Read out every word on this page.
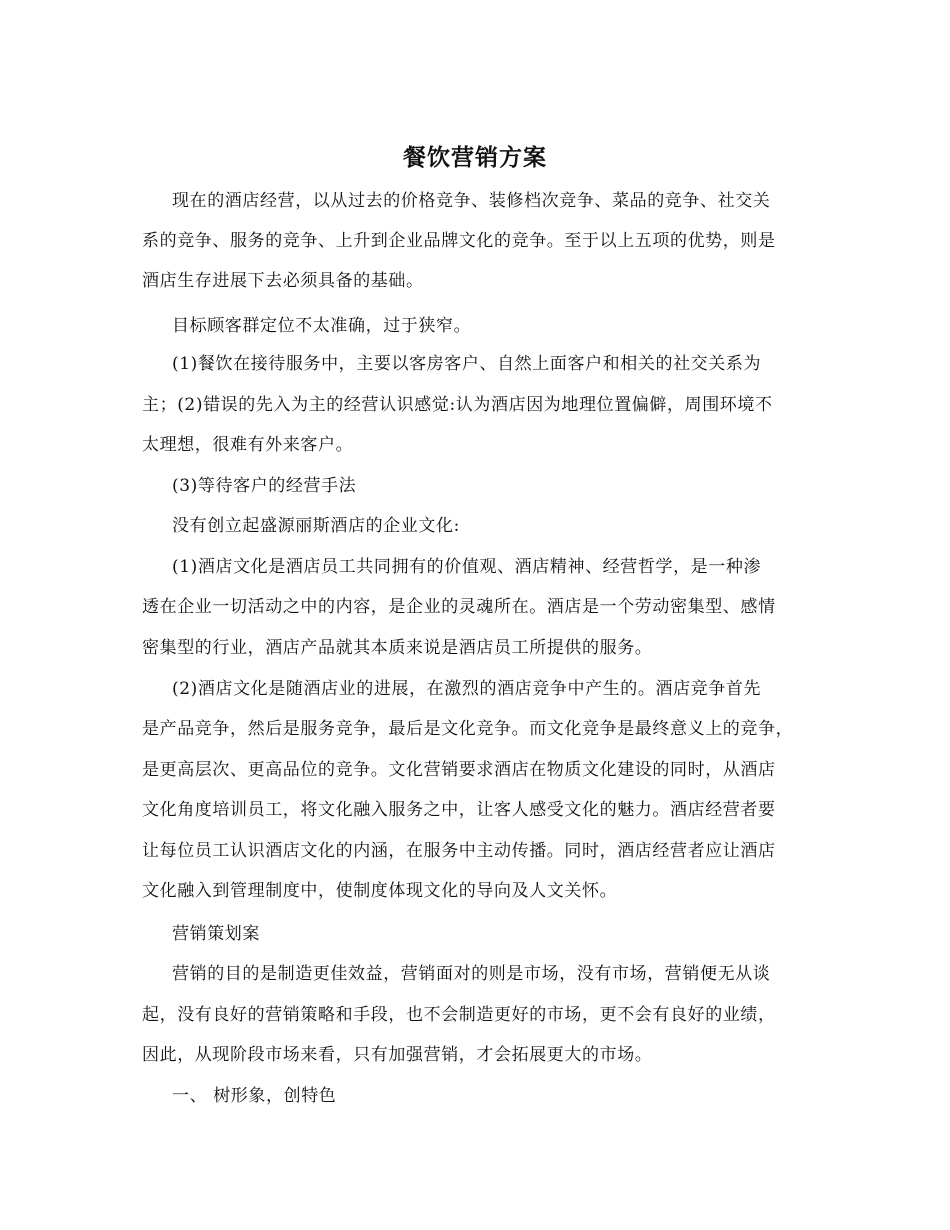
餐饮营销方案
现在的酒店经营，以从过去的价格竞争、装修档次竞争、菜品的竞争、社交关
系的竞争、服务的竞争、上升到企业品牌文化的竞争。至于以上五项的优势，则是
酒店生存进展下去必须具备的基础。
目标顾客群定位不太准确，过于狭窄。
(1)餐饮在接待服务中，主要以客房客户、自然上面客户和相关的社交关系为
主；(2)错误的先入为主的经营认识感觉:认为酒店因为地理位置偏僻，周围环境不
太理想，很难有外来客户。
(3)等待客户的经营手法
没有创立起盛源丽斯酒店的企业文化:
(1)酒店文化是酒店员工共同拥有的价值观、酒店精神、经营哲学，是一种渗
透在企业一切活动之中的内容，是企业的灵魂所在。酒店是一个劳动密集型、感情
密集型的行业，酒店产品就其本质来说是酒店员工所提供的服务。
(2)酒店文化是随酒店业的进展，在激烈的酒店竞争中产生的。酒店竞争首先
是产品竞争，然后是服务竞争，最后是文化竞争。而文化竞争是最终意义上的竞争，
是更高层次、更高品位的竞争。文化营销要求酒店在物质文化建设的同时，从酒店
文化角度培训员工，将文化融入服务之中，让客人感受文化的魅力。酒店经营者要
让每位员工认识酒店文化的内涵，在服务中主动传播。同时，酒店经营者应让酒店
文化融入到管理制度中，使制度体现文化的导向及人文关怀。
营销策划案
营销的目的是制造更佳效益，营销面对的则是市场，没有市场，营销便无从谈
起，没有良好的营销策略和手段，也不会制造更好的市场，更不会有良好的业绩，
因此，从现阶段市场来看，只有加强营销，才会拓展更大的市场。
一、 树形象，创特色
